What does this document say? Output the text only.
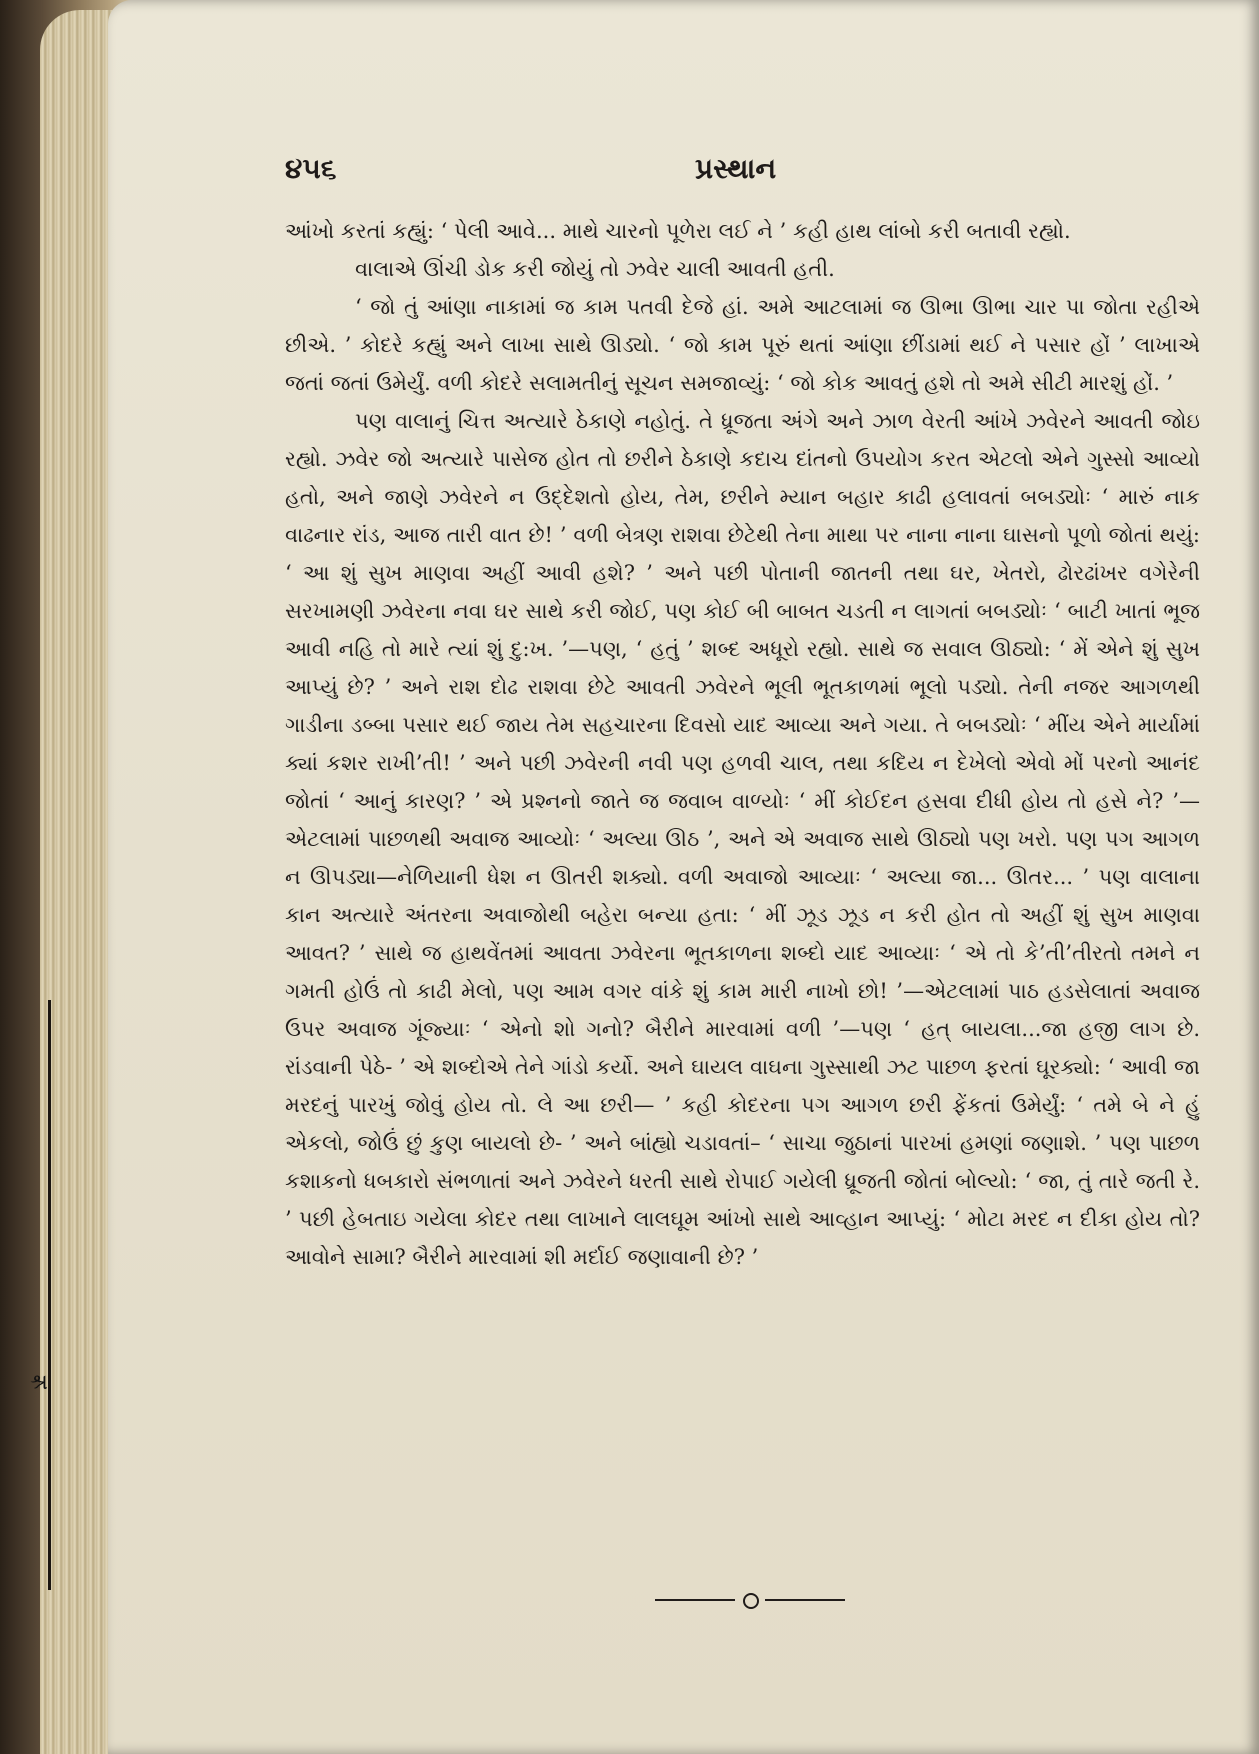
શ્ર
૪૫૬	પ્રસ્થાન

આંખો કરતાં કહ્યું: ‘ પેલી આવે... માથે ચારનો પૂળેરા લઈ ને ’ કહી હાથ લાંબો કરી બતાવી રહ્યો.

વાલાએ ઊંચી ડોક કરી જોયું તો ઝવેર ચાલી આવતી હતી.

‘ જો તું આંણા નાકામાં જ કામ પતવી દેજે હાં. અમે આટલામાં જ ઊભા ઊભા ચાર પા જોતા રહીએ છીએ. ’ કોદરે કહ્યું અને લાખા સાથે ઊડ્યો. ‘ જો કામ પૂરું થતાં આંણા છીંડામાં થઈ ને પસાર હોં ’ લાખાએ જતાં જતાં ઉમેર્યું. વળી કોદરે સલામતીનું સૂચન સમજાવ્યું: ‘ જો કોક આવતું હશે તો અમે સીટી મારશું હોં. ’

પણ વાલાનું ચિત્ત અત્યારે ઠેકાણે નહોતું. તે ધ્રૂજતા અંગે અને ઝાળ વેરતી આંખે ઝવેરને આવતી જોઇ રહ્યો. ઝવેર જો અત્યારે પાસેજ હોત તો છરીને ઠેકાણે કદાચ દાંતનો ઉપયોગ કરત એટલો એને ગુસ્સો આવ્યો હતો, અને જાણે ઝવેરને ન ઉદ્દેશતો હોય, તેમ, છરીને મ્યાન બહાર કાઢી હલાવતાં બબડ્યોઃ ‘ મારું નાક વાઢનાર રાંડ, આજ તારી વાત છે! ’ વળી બેત્રણ રાશવા છેટેથી તેના માથા પર નાના નાના ઘાસનો પૂળો જોતાં થયું: ‘ આ શું સુખ માણવા અહીં આવી હશે? ’ અને પછી પોતાની જાતની તથા ઘર, ખેતરો, ઢોરઢાંખર વગેરેની સરખામણી ઝવેરના નવા ઘર સાથે કરી જોઈ, પણ કોઈ બી બાબત ચડતી ન લાગતાં બબડ્યોઃ ‘ બાટી ખાતાં ભૂજ આવી નહિ તો મારે ત્યાં શું દુ:ખ. ’—પણ, ‘ હતું ’ શબ્દ અધૂરો રહ્યો. સાથે જ સવાલ ઊઠ્યો: ‘ મેં એને શું સુખ આપ્યું છે? ’ અને રાશ દોઢ રાશવા છેટે આવતી ઝવેરને ભૂલી ભૂતકાળમાં ભૂલો પડ્યો. તેની નજર આગળથી ગાડીના ડબ્બા પસાર થઈ જાય તેમ સહચારના દિવસો યાદ આવ્યા અને ગયા. તે બબડ્યોઃ ‘ મીંય એને માર્યામાં ક્યાં કશર રાખી’તી! ’ અને પછી ઝવેરની નવી પણ હળવી ચાલ, તથા કદિય ન દેખેલો એવો મોં પરનો આનંદ જોતાં ‘ આનું કારણ? ’ એ પ્રશ્નનો જાતે જ જવાબ વાળ્યોઃ ‘ મીં કોઈદન હસવા દીધી હોય તો હસે ને? ’—એટલામાં પાછળથી અવાજ આવ્યોઃ ‘ અલ્યા ઊઠ ’, અને એ અવાજ સાથે ઊઠ્યો પણ ખરો. પણ પગ આગળ ન ઊપડ્યા—નેળિયાની ધેશ ન ઊતરી શક્યો. વળી અવાજો આવ્યાઃ ‘ અલ્યા જા... ઊતર... ’ પણ વાલાના કાન અત્યારે અંતરના અવાજોથી બહેરા બન્યા હતા: ‘ મીં ઝૂડ ઝૂડ ન કરી હોત તો અહીં શું સુખ માણવા આવત? ’ સાથે જ હાથવેંતમાં આવતા ઝવેરના ભૂતકાળના શબ્દો યાદ આવ્યાઃ ‘ એ તો કે’તી’તીરતો તમને ન ગમતી હોઉં તો કાઢી મેલો, પણ આમ વગર વાંકે શું કામ મારી નાખો છો! ’—એટલામાં પાઠ હડસેલાતાં અવાજ ઉપર અવાજ ગૂંજ્યાઃ ‘ એનો શો ગનો? બૈરીને મારવામાં વળી ’—પણ ‘ હત્ બાયલા...જા હજી લાગ છે. રાંડવાની પેઠે- ’ એ શબ્દોએ તેને ગાંડો કર્યો. અને ઘાયલ વાઘના ગુસ્સાથી ઝટ પાછળ ફરતાં ઘૂરક્યો: ‘ આવી જા મરદનું પારખું જોવું હોય તો. લે આ છરી— ’ કહી કોદરના પગ આગળ છરી ફેંકતાં ઉમેર્યું: ‘ તમે બે ને હું એકલો, જોઉં છું કુણ બાયલો છે- ’ અને બાંહ્યો ચડાવતાં– ‘ સાચા જુઠાનાં પારખાં હમણાં જણાશે. ’ પણ પાછળ કશાકનો ધબકારો સંભળાતાં અને ઝવેરને ધરતી સાથે રોપાઈ ગયેલી ધ્રૂજતી જોતાં બોલ્યો: ‘ જા, તું તારે જતી રે. ’ પછી હેબતાઇ ગયેલા કોદર તથા લાખાને લાલઘૂમ આંખો સાથે આવ્હાન આપ્યું: ‘ મોટા મરદ ન દીકા હોય તો? આવોને સામા? બૈરીને મારવામાં શી મર્દાઈ જણાવાની છે? ’
